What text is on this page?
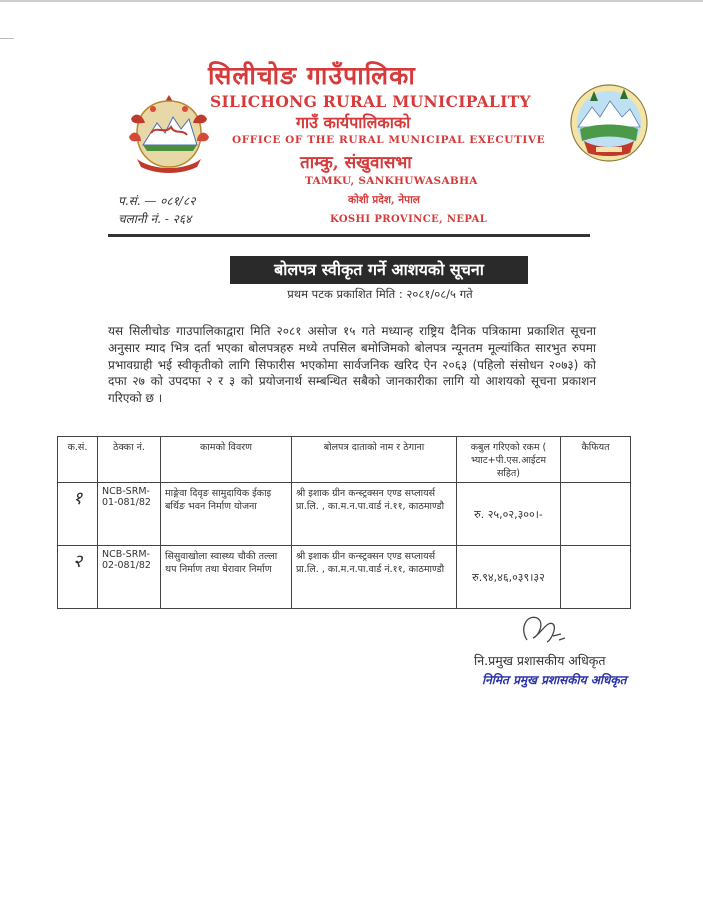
सिलीचोङ गाउँपालिका
SILICHONG RURAL MUNICIPALITY
गाउँ कार्यपालिकाको
OFFICE OF THE RURAL MUNICIPAL EXECUTIVE
ताम्कु, संखुवासभा
TAMKU, SANKHUWASABHA
कोशी प्रदेश, नेपाल
KOSHI PROVINCE, NEPAL
प.सं. — ०८१/८२
चलानी नं. - २६४
बोलपत्र स्वीकृत गर्ने आशयको सूचना
प्रथम पटक प्रकाशित मिति : २०८१/०८/५ गते
यस सिलीचोङ गाउपालिकाद्वारा मिति २०८१ असोज १५ गते मध्यान्ह राष्ट्रिय दैनिक पत्रिकामा प्रकाशित सूचना अनुसार म्याद भित्र दर्ता भएका बोलपत्रहरु मध्ये तपसिल बमोजिमको बोलपत्र न्यूनतम मूल्यांकित सारभुत रुपमा प्रभावग्राही भई स्वीकृतीको लागि सिफारीस भएकोमा सार्वजनिक खरिद ऐन २०६३ (पहिलो संसोधन २०७३) को दफा २७ को उपदफा २ र ३ को प्रयोजनार्थ सम्बन्धित सबैको जानकारीका लागि यो आशयको सूचना प्रकाशन गरिएको छ ।
क.सं.	ठेक्का नं.	कामको विवरण	बोलपत्र दाताको नाम र ठेगाना	कबुल गरिएको रकम ( भ्याट+पी.एस.आईटम सहित)	कैफियत
१	NCB-SRM-01-081/82	माङ्गेवा दिवृङ सामुदायिक ईकाइ बर्थिङ भवन निर्माण योजना	श्री इशाक ग्रीन कन्स्ट्रक्सन एण्ड सप्लायर्स प्रा.लि. , का.म.न.पा.वार्ड नं.११, काठमाण्डौ	रु. २५,०२,३००।-	
२	NCB-SRM-02-081/82	सिसुवाखोला स्वास्थ्य चौकी तल्ला थप निर्माण तथा घेरावार निर्माण	श्री इशाक ग्रीन कन्स्ट्रक्सन एण्ड सप्लायर्स प्रा.लि. , का.म.न.पा.वार्ड नं.११, काठमाण्डौ	रु.९४,४६,०३९।३२	
नि.प्रमुख प्रशासकीय अधिकृत
निमित प्रमुख प्रशासकीय अधिकृत
